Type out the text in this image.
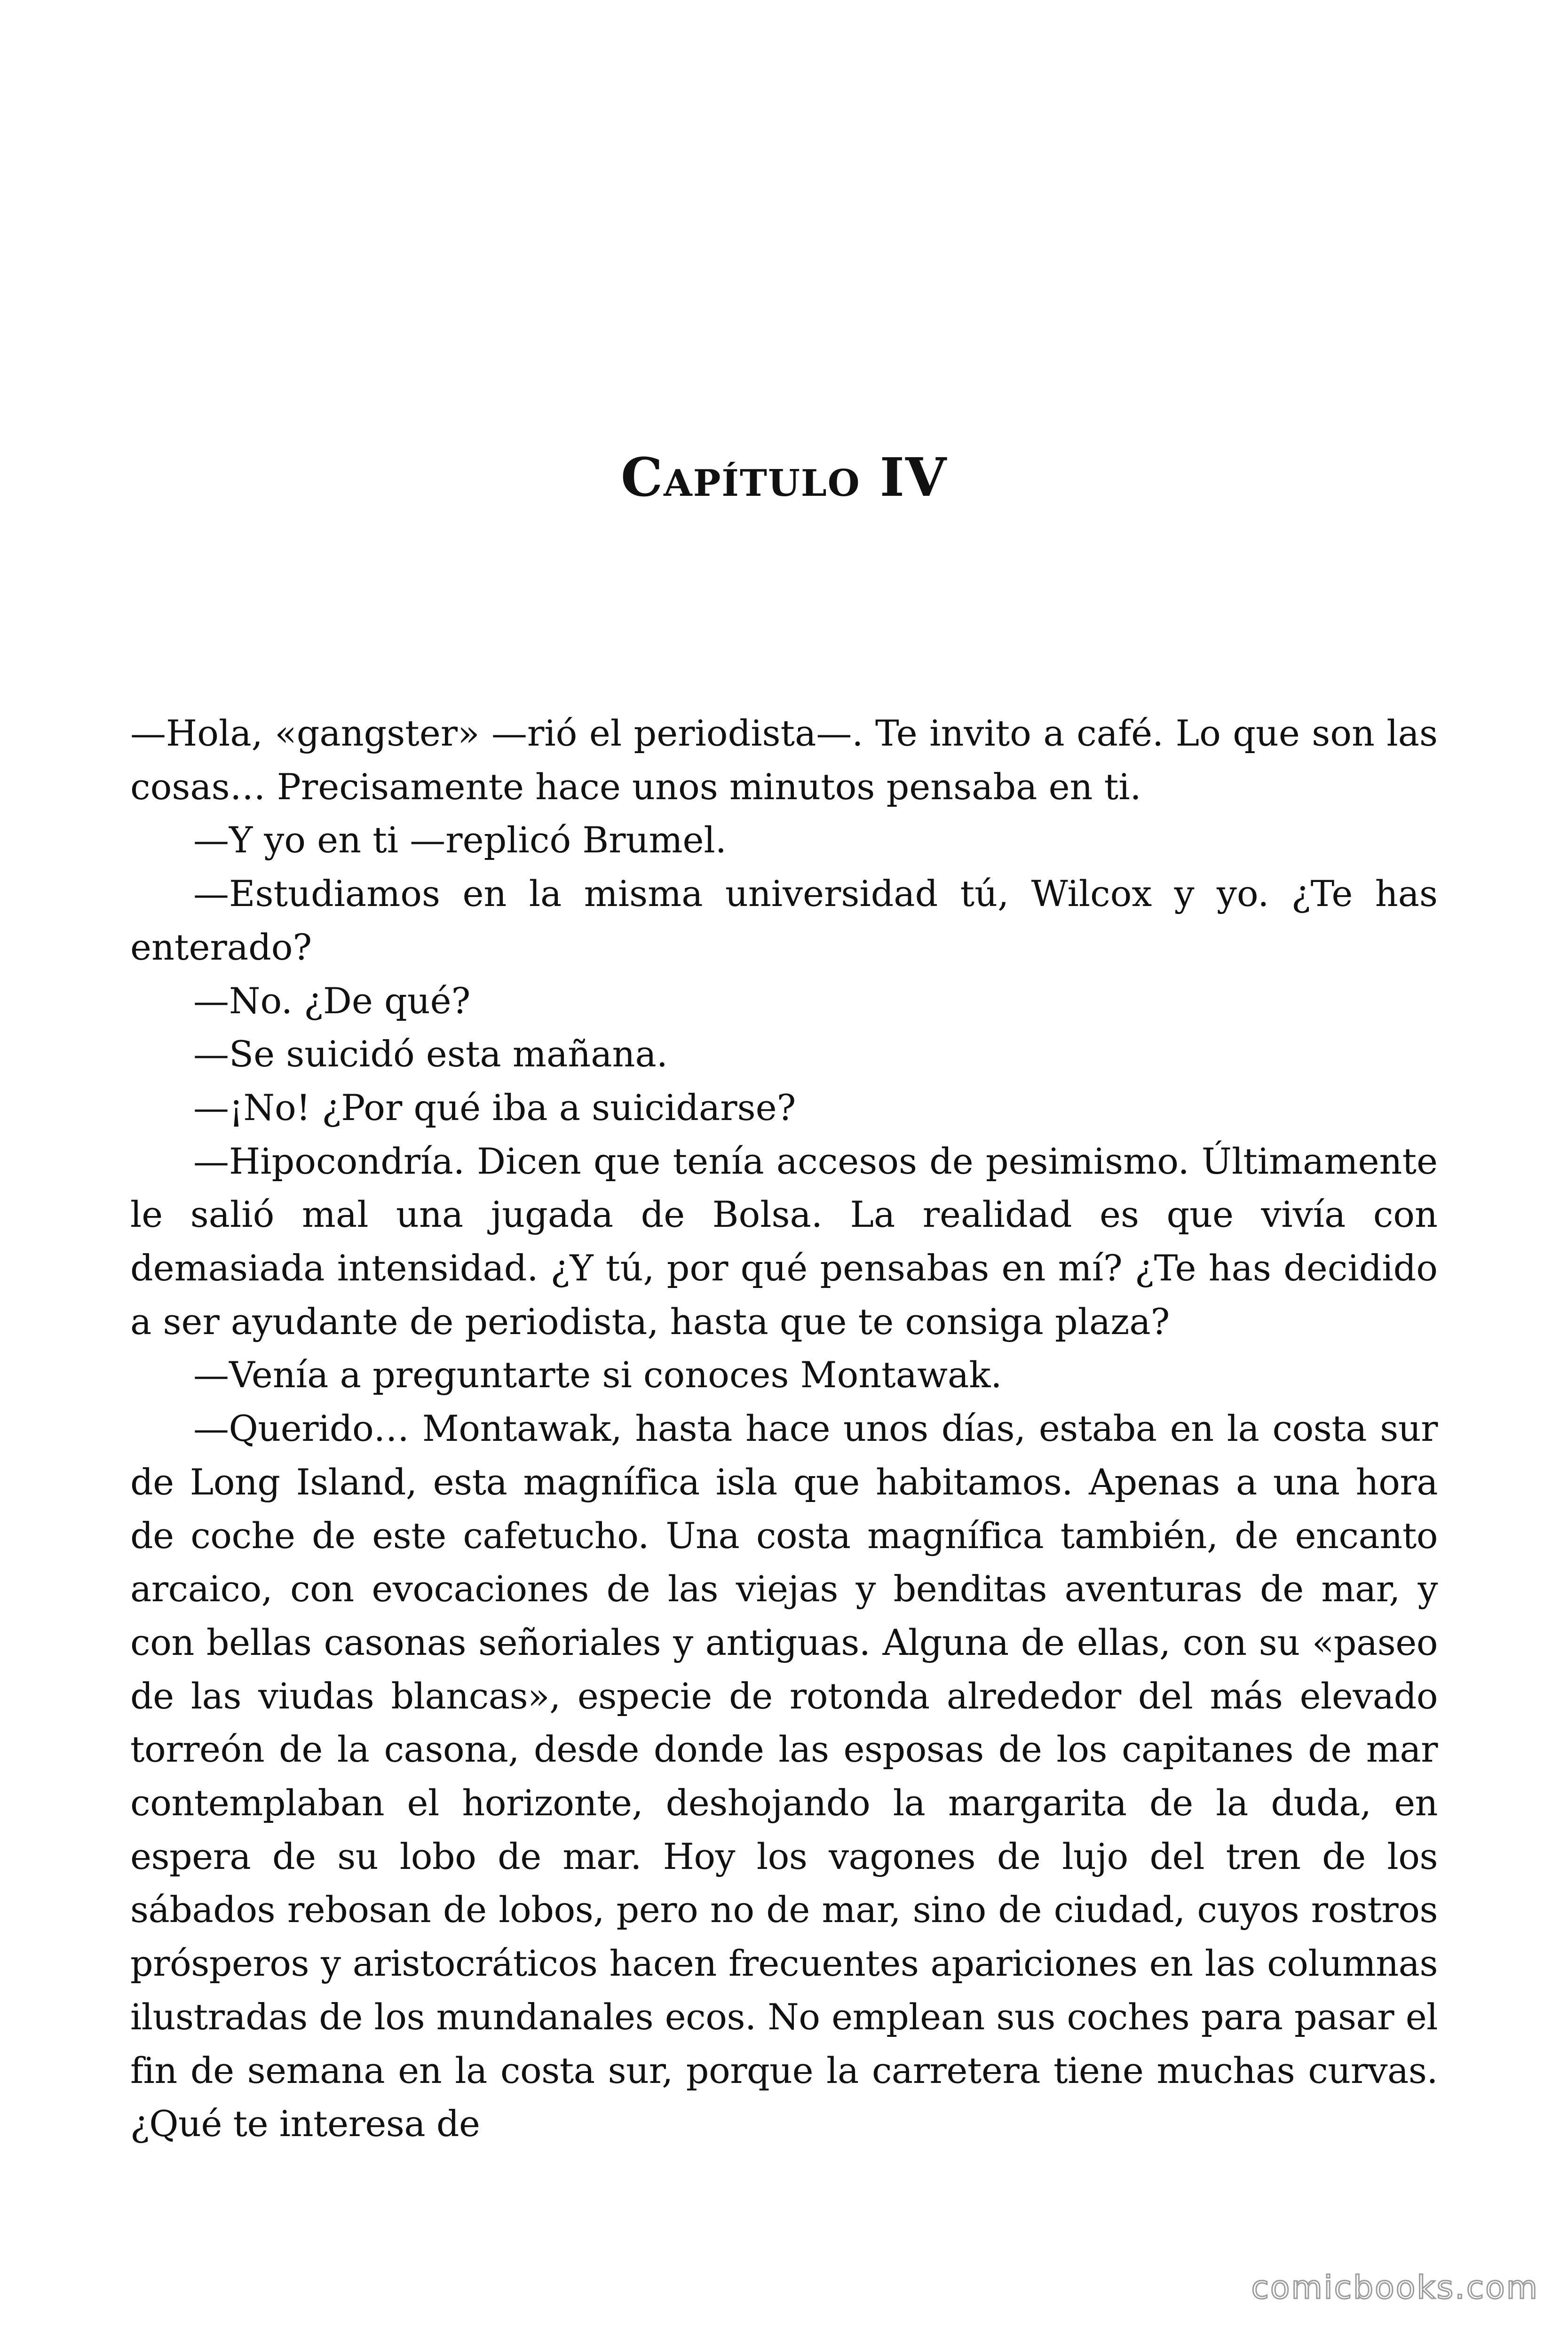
Capítulo IV

—Hola, «gangster» —rió el periodista—. Te invito a café. Lo que son las cosas… Precisamente hace unos minutos pensaba en ti.

—Y yo en ti —replicó Brumel.

—Estudiamos en la misma universidad tú, Wilcox y yo. ¿Te has enterado?

—No. ¿De qué?

—Se suicidó esta mañana.

—¡No! ¿Por qué iba a suicidarse?

—Hipocondría. Dicen que tenía accesos de pesimismo. Últimamente le salió mal una jugada de Bolsa. La realidad es que vivía con demasiada intensidad. ¿Y tú, por qué pensabas en mí? ¿Te has decidido a ser ayudante de periodista, hasta que te consiga plaza?

—Venía a preguntarte si conoces Montawak.

—Querido… Montawak, hasta hace unos días, estaba en la costa sur de Long Island, esta magnífica isla que habitamos. Apenas a una hora de coche de este cafetucho. Una costa magnífica también, de encanto arcaico, con evocaciones de las viejas y benditas aventuras de mar, y con bellas casonas señoriales y antiguas. Alguna de ellas, con su «paseo de las viudas blancas», especie de rotonda alrededor del más elevado torreón de la casona, desde donde las esposas de los capitanes de mar contemplaban el horizonte, deshojando la margarita de la duda, en espera de su lobo de mar. Hoy los vagones de lujo del tren de los sábados rebosan de lobos, pero no de mar, sino de ciudad, cuyos rostros prósperos y aristocráticos hacen frecuentes apariciones en las columnas ilustradas de los mundanales ecos. No emplean sus coches para pasar el fin de semana en la costa sur, porque la carretera tiene muchas curvas. ¿Qué te interesa de

comicbooks.com
